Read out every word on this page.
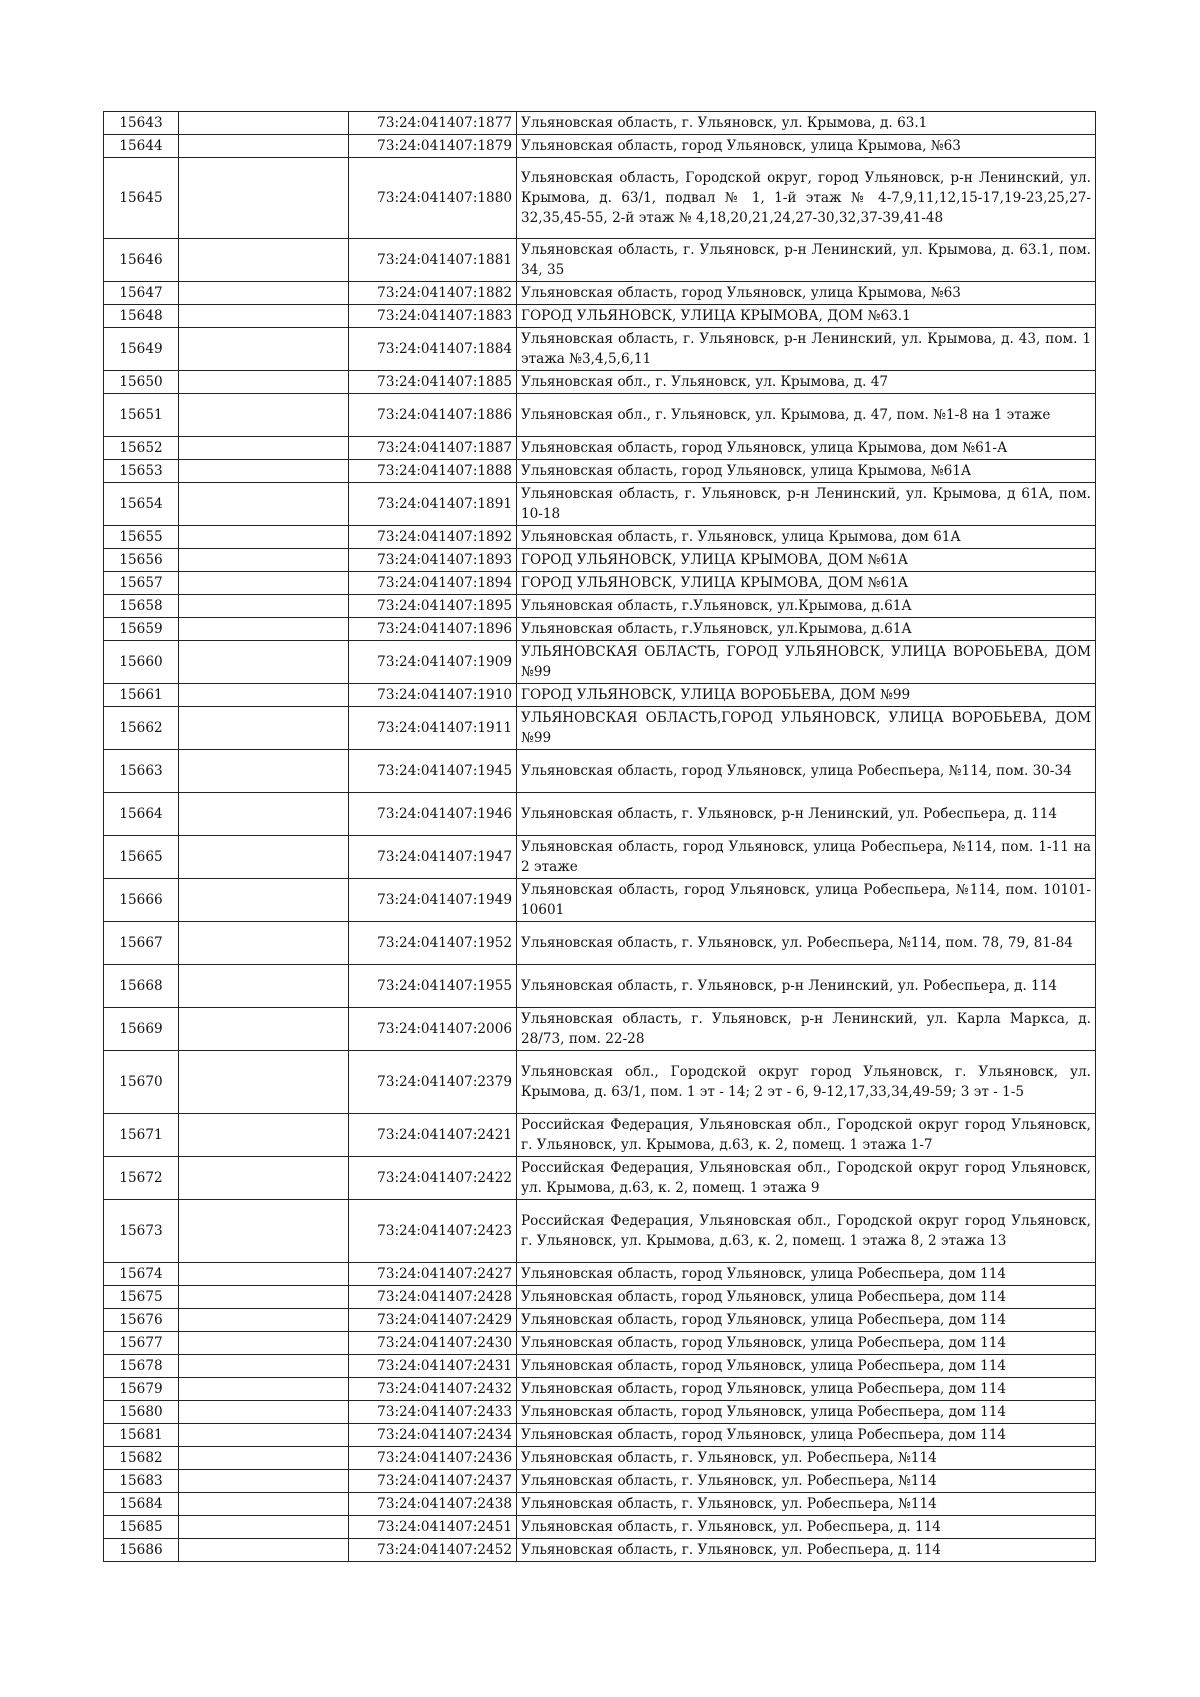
15643		73:24:041407:1877	Ульяновская область, г. Ульяновск, ул. Крымова, д. 63.1
15644		73:24:041407:1879	Ульяновская область, город Ульяновск, улица Крымова, №63
15645		73:24:041407:1880	Ульяновская область, Городской округ, город Ульяновск, р-н Ленинский, ул. Крымова, д. 63/1, подвал № 1, 1-й этаж № 4-7,9,11,12,15-17,19-23,25,27-32,35,45-55, 2-й этаж № 4,18,20,21,24,27-30,32,37-39,41-48
15646		73:24:041407:1881	Ульяновская область, г. Ульяновск, р-н Ленинский, ул. Крымова, д. 63.1, пом. 34, 35
15647		73:24:041407:1882	Ульяновская область, город Ульяновск, улица Крымова, №63
15648		73:24:041407:1883	ГОРОД УЛЬЯНОВСК, УЛИЦА КРЫМОВА, ДОМ №63.1
15649		73:24:041407:1884	Ульяновская область, г. Ульяновск, р-н Ленинский, ул. Крымова, д. 43, пом. 1 этажа №3,4,5,6,11
15650		73:24:041407:1885	Ульяновская обл., г. Ульяновск, ул. Крымова, д. 47
15651		73:24:041407:1886	Ульяновская обл., г. Ульяновск, ул. Крымова, д. 47, пом. №1-8 на 1 этаже
15652		73:24:041407:1887	Ульяновская область, город Ульяновск, улица Крымова, дом №61-А
15653		73:24:041407:1888	Ульяновская область, город Ульяновск, улица Крымова, №61А
15654		73:24:041407:1891	Ульяновская область, г. Ульяновск, р-н Ленинский, ул. Крымова, д 61А, пом. 10-18
15655		73:24:041407:1892	Ульяновская область, г. Ульяновск, улица Крымова, дом 61А
15656		73:24:041407:1893	ГОРОД УЛЬЯНОВСК, УЛИЦА КРЫМОВА, ДОМ №61А
15657		73:24:041407:1894	ГОРОД УЛЬЯНОВСК, УЛИЦА КРЫМОВА, ДОМ №61А
15658		73:24:041407:1895	Ульяновская область, г.Ульяновск, ул.Крымова, д.61А
15659		73:24:041407:1896	Ульяновская область, г.Ульяновск, ул.Крымова, д.61А
15660		73:24:041407:1909	УЛЬЯНОВСКАЯ ОБЛАСТЬ, ГОРОД УЛЬЯНОВСК, УЛИЦА ВОРОБЬЕВА, ДОМ №99
15661		73:24:041407:1910	ГОРОД УЛЬЯНОВСК, УЛИЦА ВОРОБЬЕВА, ДОМ №99
15662		73:24:041407:1911	УЛЬЯНОВСКАЯ ОБЛАСТЬ,ГОРОД УЛЬЯНОВСК, УЛИЦА ВОРОБЬЕВА, ДОМ №99
15663		73:24:041407:1945	Ульяновская область, город Ульяновск, улица Робеспьера, №114, пом. 30-34
15664		73:24:041407:1946	Ульяновская область, г. Ульяновск, р-н Ленинский, ул. Робеспьера, д. 114
15665		73:24:041407:1947	Ульяновская область, город Ульяновск, улица Робеспьера, №114, пом. 1-11 на 2 этаже
15666		73:24:041407:1949	Ульяновская область, город Ульяновск, улица Робеспьера, №114, пом. 10101-10601
15667		73:24:041407:1952	Ульяновская область, г. Ульяновск, ул. Робеспьера, №114, пом. 78, 79, 81-84
15668		73:24:041407:1955	Ульяновская область, г. Ульяновск, р-н Ленинский, ул. Робеспьера, д. 114
15669		73:24:041407:2006	Ульяновская область, г. Ульяновск, р-н Ленинский, ул. Карла Маркса, д. 28/73, пом. 22-28
15670		73:24:041407:2379	Ульяновская обл., Городской округ город Ульяновск, г. Ульяновск, ул. Крымова, д. 63/1, пом. 1 эт - 14; 2 эт - 6, 9-12,17,33,34,49-59; 3 эт - 1-5
15671		73:24:041407:2421	Российская Федерация, Ульяновская обл., Городской округ город Ульяновск, г. Ульяновск, ул. Крымова, д.63, к. 2, помещ. 1 этажа 1-7
15672		73:24:041407:2422	Российская Федерация, Ульяновская обл., Городской округ город Ульяновск, ул. Крымова, д.63, к. 2, помещ. 1 этажа 9
15673		73:24:041407:2423	Российская Федерация, Ульяновская обл., Городской округ город Ульяновск, г. Ульяновск, ул. Крымова, д.63, к. 2, помещ. 1 этажа 8, 2 этажа 13
15674		73:24:041407:2427	Ульяновская область, город Ульяновск, улица Робеспьера, дом 114
15675		73:24:041407:2428	Ульяновская область, город Ульяновск, улица Робеспьера, дом 114
15676		73:24:041407:2429	Ульяновская область, город Ульяновск, улица Робеспьера, дом 114
15677		73:24:041407:2430	Ульяновская область, город Ульяновск, улица Робеспьера, дом 114
15678		73:24:041407:2431	Ульяновская область, город Ульяновск, улица Робеспьера, дом 114
15679		73:24:041407:2432	Ульяновская область, город Ульяновск, улица Робеспьера, дом 114
15680		73:24:041407:2433	Ульяновская область, город Ульяновск, улица Робеспьера, дом 114
15681		73:24:041407:2434	Ульяновская область, город Ульяновск, улица Робеспьера, дом 114
15682		73:24:041407:2436	Ульяновская область, г. Ульяновск, ул. Робеспьера, №114
15683		73:24:041407:2437	Ульяновская область, г. Ульяновск, ул. Робеспьера, №114
15684		73:24:041407:2438	Ульяновская область, г. Ульяновск, ул. Робеспьера, №114
15685		73:24:041407:2451	Ульяновская область, г. Ульяновск, ул. Робеспьера, д. 114
15686		73:24:041407:2452	Ульяновская область, г. Ульяновск, ул. Робеспьера, д. 114
